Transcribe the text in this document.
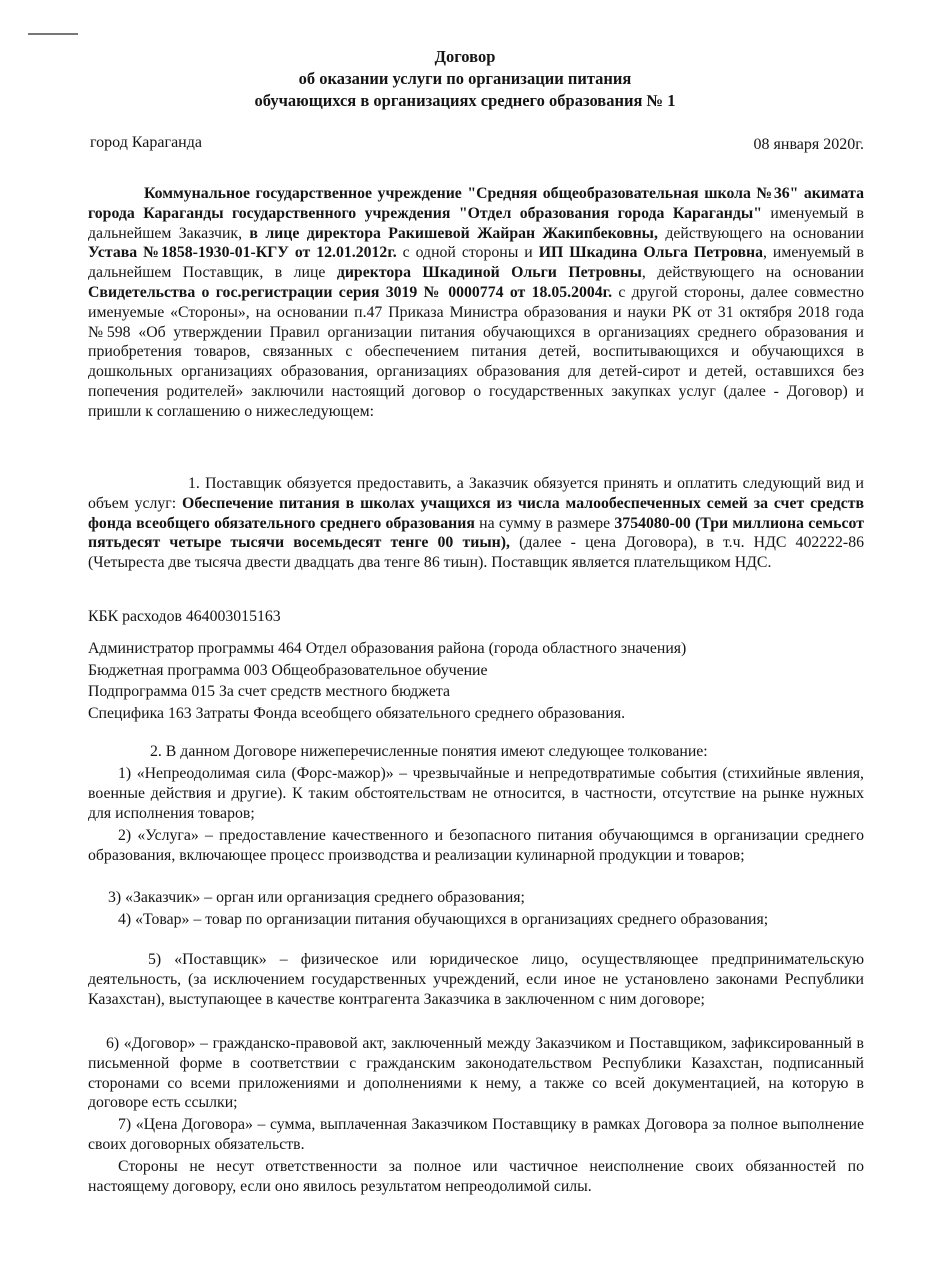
Договор
об оказании услуги по организации питания
обучающихся в организациях среднего образования № 1
город Караганда	08 января 2020г.

Коммунальное государственное учреждение "Средняя общеобразовательная школа №36" акимата города Караганды государственного учреждения "Отдел образования города Караганды" именуемый в дальнейшем Заказчик, в лице директора Ракишевой Жайран Жакипбековны, действующего на основании Устава №1858-1930-01-КГУ от 12.01.2012г. с одной стороны и ИП Шкадина Ольга Петровна, именуемый в дальнейшем Поставщик, в лице директора Шкадиной Ольги Петровны, действующего на основании Свидетельства о гос.регистрации серия 3019 № 0000774 от 18.05.2004г. с другой стороны, далее совместно именуемые «Стороны», на основании п.47 Приказа Министра образования и науки РК от 31 октября 2018 года №598 «Об утверждении Правил организации питания обучающихся в организациях среднего образования и приобретения товаров, связанных с обеспечением питания детей, воспитывающихся и обучающихся в дошкольных организациях образования, организациях образования для детей-сирот и детей, оставшихся без попечения родителей» заключили настоящий договор о государственных закупках услуг (далее - Договор) и пришли к соглашению о нижеследующем:

1. Поставщик обязуется предоставить, а Заказчик обязуется принять и оплатить следующий вид и объем услуг: Обеспечение питания в школах учащихся из числа малообеспеченных семей за счет средств фонда всеобщего обязательного среднего образования на сумму в размере 3754080-00 (Три миллиона семьсот пятьдесят четыре тысячи восемьдесят тенге 00 тиын), (далее - цена Договора), в т.ч. НДС 402222-86 (Четыреста две тысяча двести двадцать два тенге 86 тиын). Поставщик является плательщиком НДС.

КБК расходов 464003015163

Администратор программы 464 Отдел образования района (города областного значения)

Бюджетная программа 003 Общеобразовательное обучение

Подпрограмма 015 За счет средств местного бюджета

Специфика 163 Затраты Фонда всеобщего обязательного среднего образования.

2. В данном Договоре нижеперечисленные понятия имеют следующее толкование:

1) «Непреодолимая сила (Форс-мажор)» – чрезвычайные и непредотвратимые события (стихийные явления, военные действия и другие). К таким обстоятельствам не относится, в частности, отсутствие на рынке нужных для исполнения товаров;

2) «Услуга» – предоставление качественного и безопасного питания обучающимся в организации среднего образования, включающее процесс производства и реализации кулинарной продукции и товаров;

3) «Заказчик» – орган или организация среднего образования;

4) «Товар» – товар по организации питания обучающихся в организациях среднего образования;

5) «Поставщик» – физическое или юридическое лицо, осуществляющее предпринимательскую деятельность, (за исключением государственных учреждений, если иное не установлено законами Республики Казахстан), выступающее в качестве контрагента Заказчика в заключенном с ним договоре;

6) «Договор» – гражданско-правовой акт, заключенный между Заказчиком и Поставщиком, зафиксированный в письменной форме в соответствии с гражданским законодательством Республики Казахстан, подписанный сторонами со всеми приложениями и дополнениями к нему, а также со всей документацией, на которую в договоре есть ссылки;

7) «Цена Договора» – сумма, выплаченная Заказчиком Поставщику в рамках Договора за полное выполнение своих договорных обязательств.

Стороны не несут ответственности за полное или частичное неисполнение своих обязанностей по настоящему договору, если оно явилось результатом непреодолимой силы.
